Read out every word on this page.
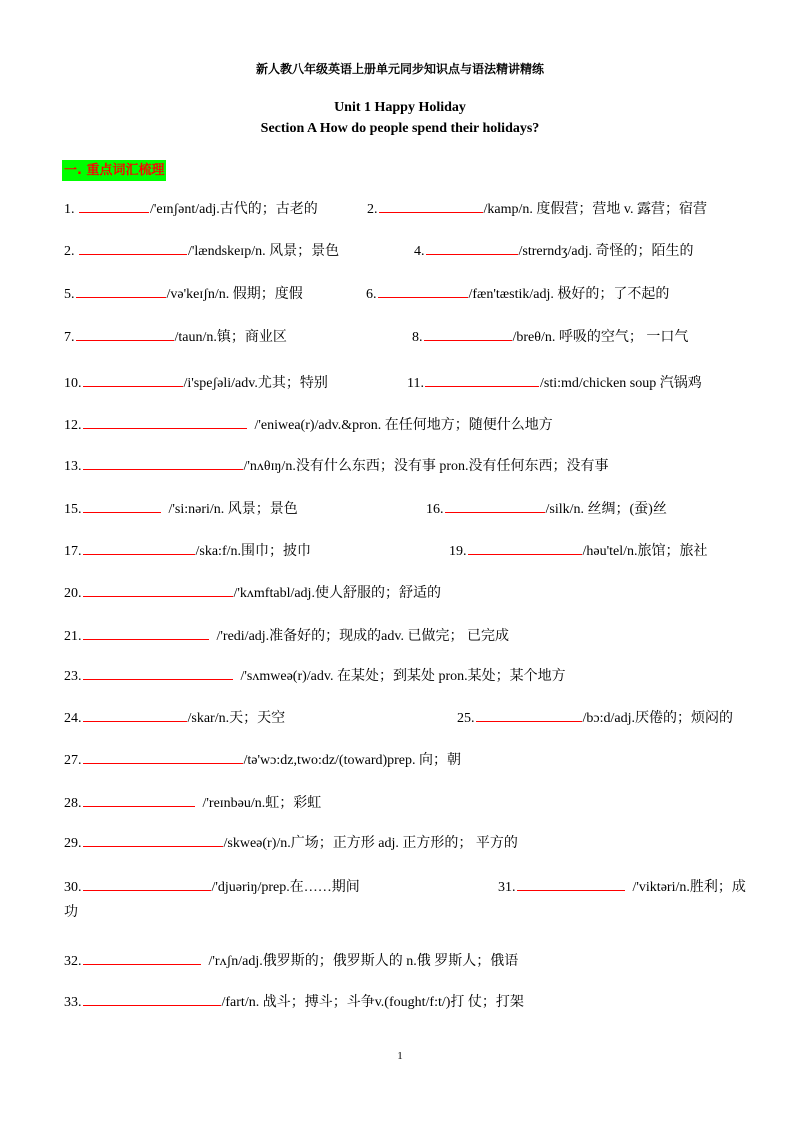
新人教八年级英语上册单元同步知识点与语法精讲精练
Unit 1 Happy Holiday
Section A How do people spend their holidays?
一. 重点词汇梳理
1.	/'eɪnʃənt/adj.古代的；古老的	2.	/kamp/n. 度假营；营地 v. 露营；宿营
2.	/'lændskeɪp/n. 风景；景色	4.	/strerndʒ/adj. 奇怪的；陌生的
5.	/və'keɪʃn/n. 假期；度假	6.	/fæn'tæstik/adj. 极好的；了不起的
7.	/taun/n.镇；商业区	8.	/breθ/n. 呼吸的空气； 一口气
10.	/i'speʃəli/adv.尤其；特别	11.	/sti:md/chicken soup 汽锅鸡
12.	/'eniwea(r)/adv.&pron. 在任何地方；随便什么地方
13.	/'nʌθɪŋ/n.没有什么东西；没有事 pron.没有任何东西；没有事
15.	/'si:nəri/n. 风景；景色	16.	/silk/n. 丝绸；(蚕)丝
17.	/ska:f/n.围巾；披巾	19.	/həu'tel/n.旅馆；旅社
20.	/'kʌmftabl/adj.使人舒服的；舒适的
21.	/'redi/adj.准备好的；现成的adv. 已做完； 已完成
23.	/'sʌmweə(r)/adv. 在某处；到某处 pron.某处；某个地方
24.	/skar/n.天；天空	25.	/bɔ:d/adj.厌倦的；烦闷的
27.	/tə'wɔ:dz,two:dz/(toward)prep. 向；朝
28.	/'reɪnbəu/n.虹；彩虹
29.	/skweə(r)/n.广场；正方形 adj. 正方形的； 平方的
30.	/'djuəriŋ/prep.在……期间	31.	/'viktəri/n.胜利；成
功
32.	/'rʌʃn/adj.俄罗斯的；俄罗斯人的 n.俄 罗斯人；俄语
33.	/fart/n. 战斗；搏斗；斗争v.(fought/f:t/)打 仗；打架
1
